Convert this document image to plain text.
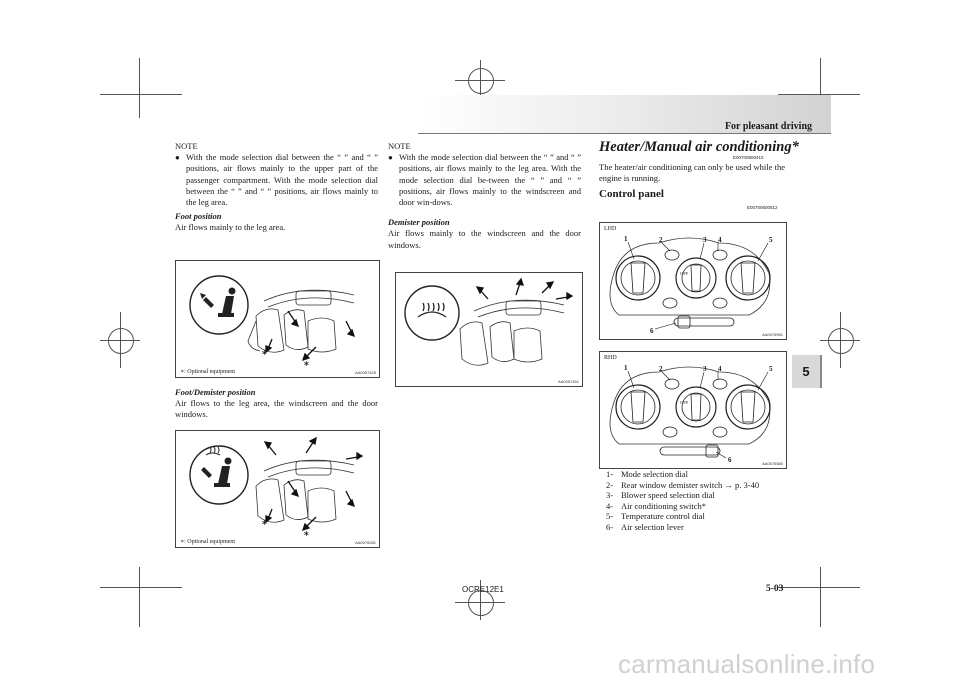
For pleasant driving
5

NOTE

● With the mode selection dial between the “ ” and “ ” positions, air flows mainly to the upper part of the passenger compartment. With the mode selection dial between the “ ” and “ ” positions, air flows mainly to the leg area.

Foot position

Air flows mainly to the leg area.

∗
∗
∗: Optional equipment	AA0057425

Foot/Demister position

Air flows to the leg area, the windscreen and the door windows.

∗
∗
∗: Optional equipment	AA0078281

NOTE

● With the mode selection dial between the “ ” and “ ” positions, air flows mainly to the leg area. With the mode selection dial be-tween the “ ” and “ ” positions, air flows mainly to the windscreen and door win-dows.

Demister position

Air flows mainly to the windscreen and the door windows.

AA0057451
Heater/Manual air conditioning*
E00700500410

The heater/air conditioning can only be used while the engine is running.

Control panel
E00700600512
LHD
1	2	3 4	5
6
OFF
AA0076951
RHD
1	2	3 4	5
6
OFF
AA0076580
1- Mode selection dial
2- Rear window demister switch → p. 3-40
3- Blower speed selection dial
4- Air conditioning switch*
5- Temperature control dial
6- Air selection lever
OCRE12E1	5-03
carmanualsonline.info
